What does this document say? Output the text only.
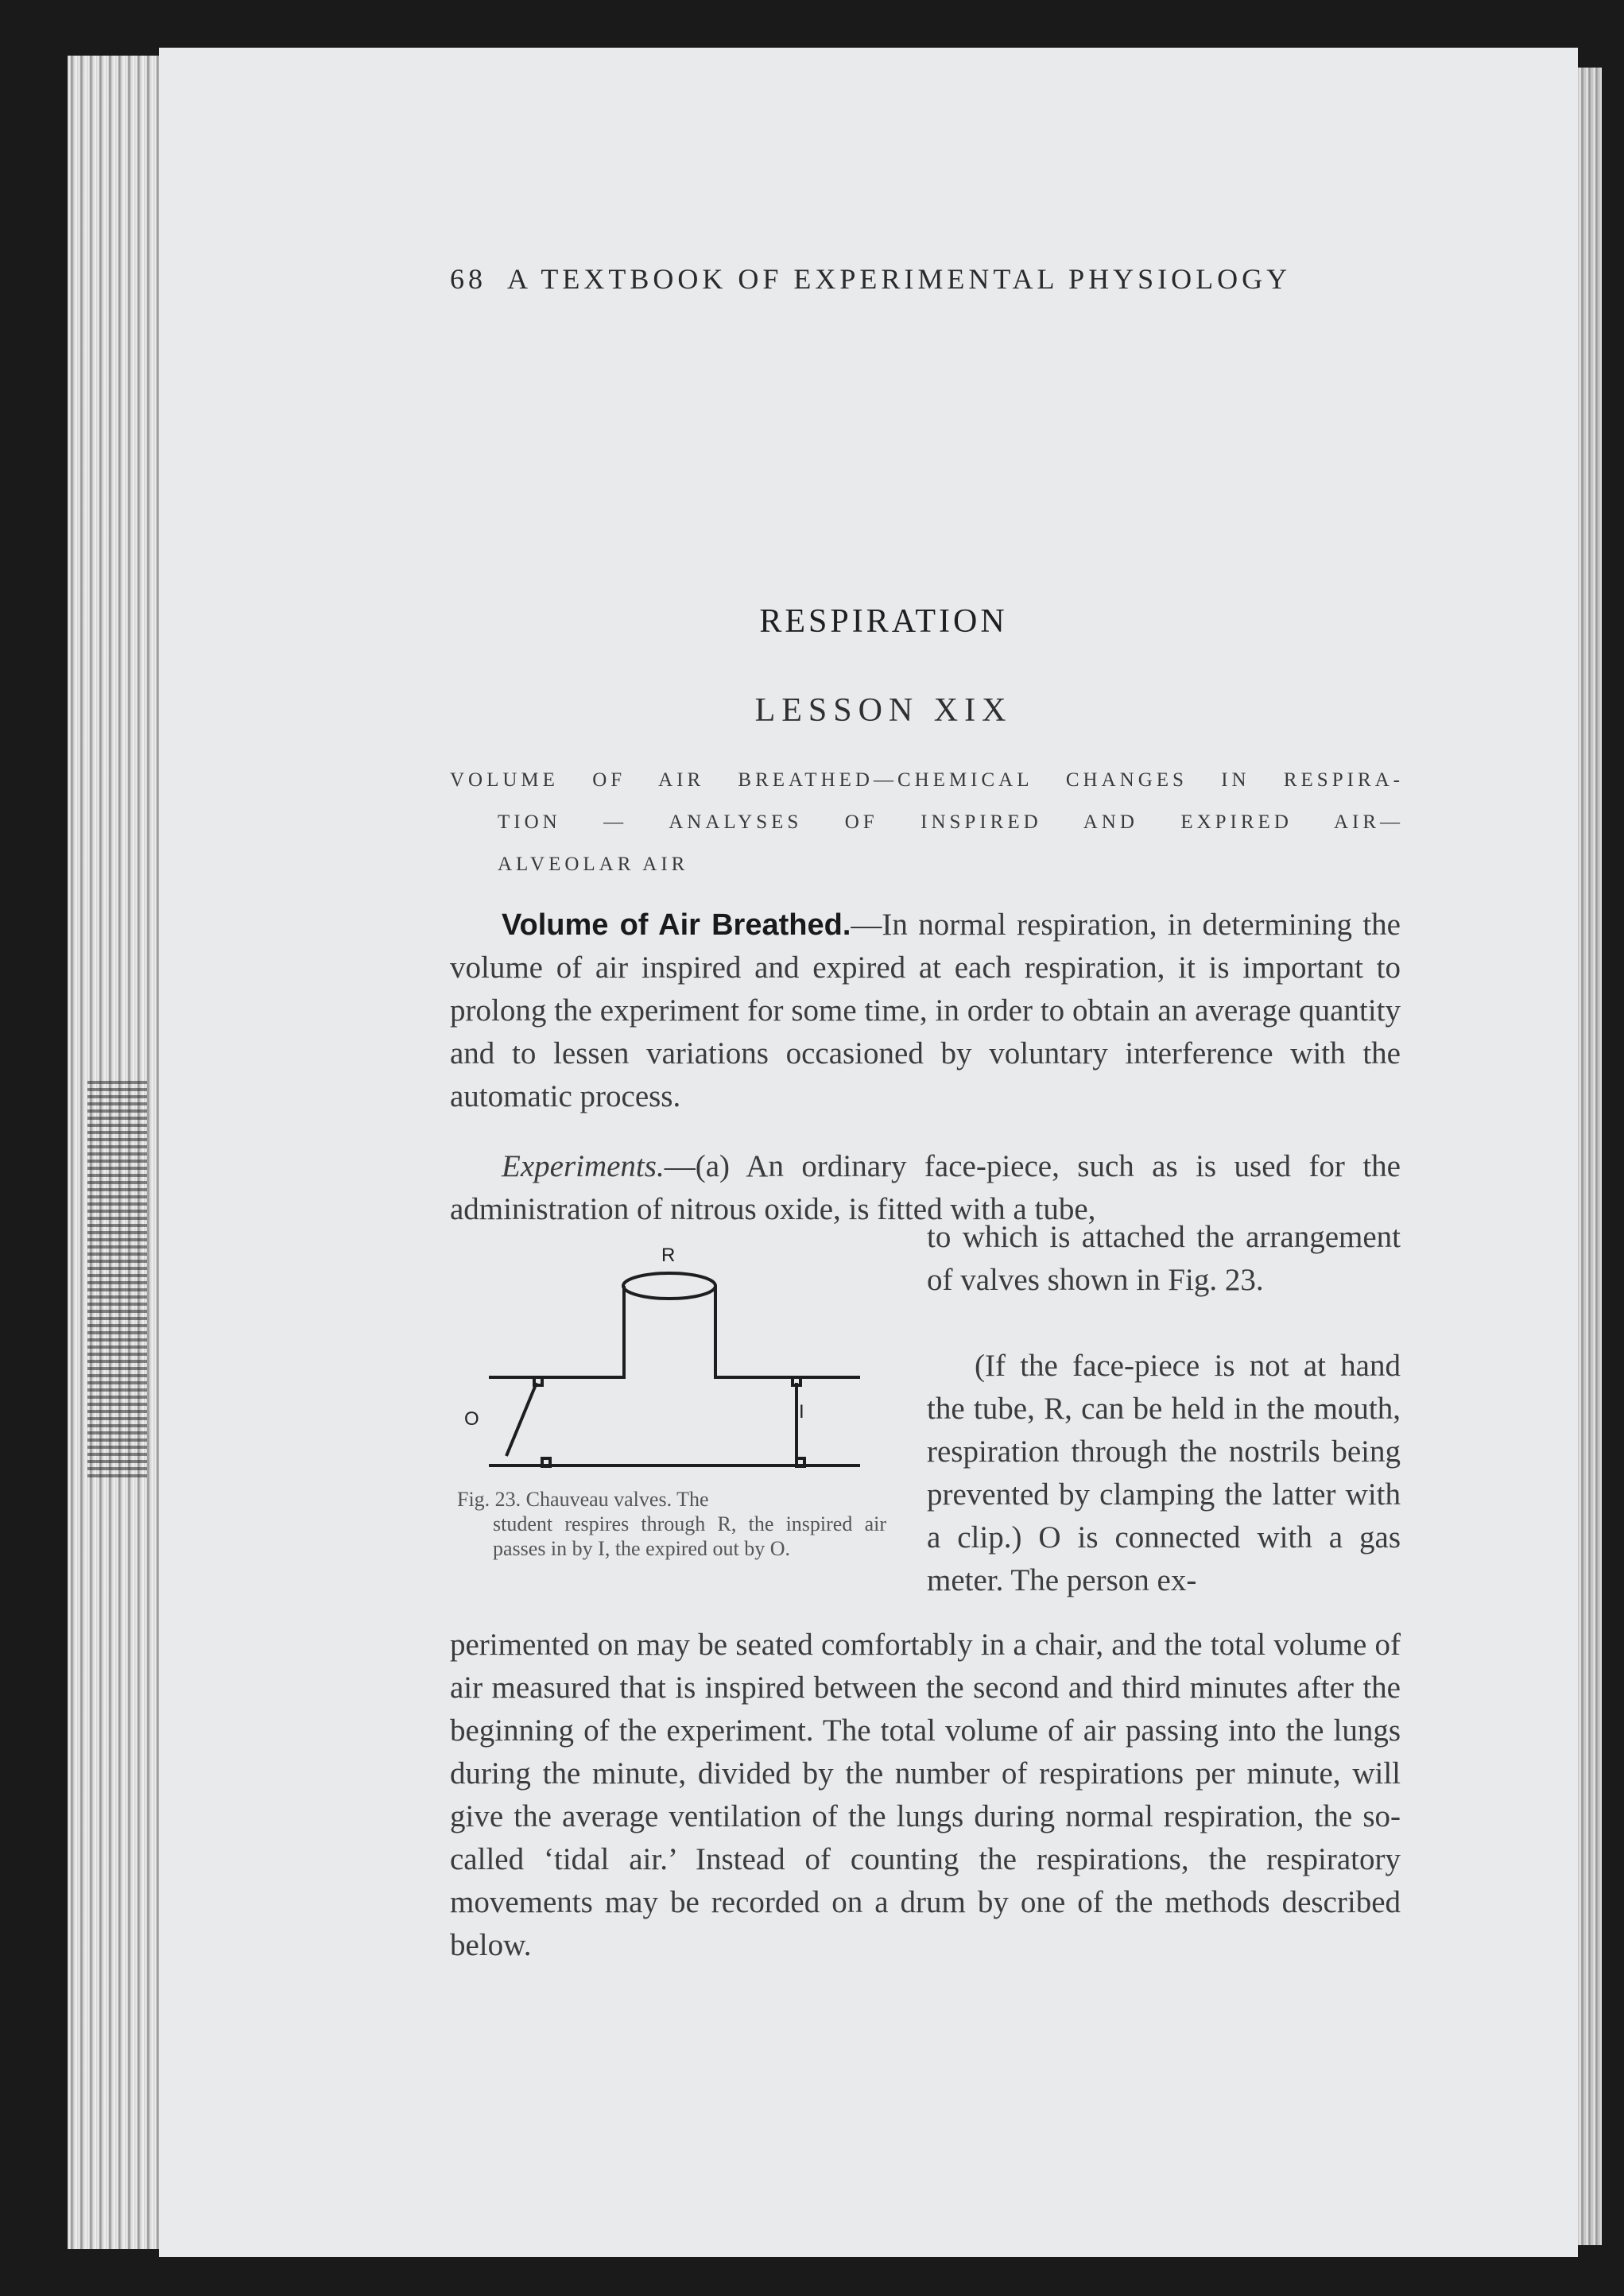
68 A TEXTBOOK OF EXPERIMENTAL PHYSIOLOGY
RESPIRATION
LESSON XIX
VOLUME OF AIR BREATHED—CHEMICAL CHANGES IN RESPIRA-
TION — ANALYSES OF INSPIRED AND EXPIRED AIR—
ALVEOLAR AIR

Volume of Air Breathed.—In normal respiration, in determining the volume of air inspired and expired at each respiration, it is important to prolong the experiment for some time, in order to obtain an average quantity and to lessen variations occasioned by voluntary interference with the automatic process.

Experiments.—(a) An ordinary face-piece, such as is used for the administration of nitrous oxide, is fitted with a tube,

R
O	I

Fig. 23. Chauveau valves. The
student respires through R, the inspired air passes in by I, the expired out by O.

to which is attached the arrangement of valves shown in Fig. 23.

(If the face-piece is not at hand the tube, R, can be held in the mouth, respiration through the nostrils being prevented by clamping the latter with a clip.) O is connected with a gas meter. The person ex-

perimented on may be seated comfortably in a chair, and the total volume of air measured that is inspired between the second and third minutes after the beginning of the experiment. The total volume of air passing into the lungs during the minute, divided by the number of respirations per minute, will give the average ventilation of the lungs during normal respiration, the so-called ‘tidal air.’ Instead of counting the respirations, the respiratory movements may be recorded on a drum by one of the methods described below.
